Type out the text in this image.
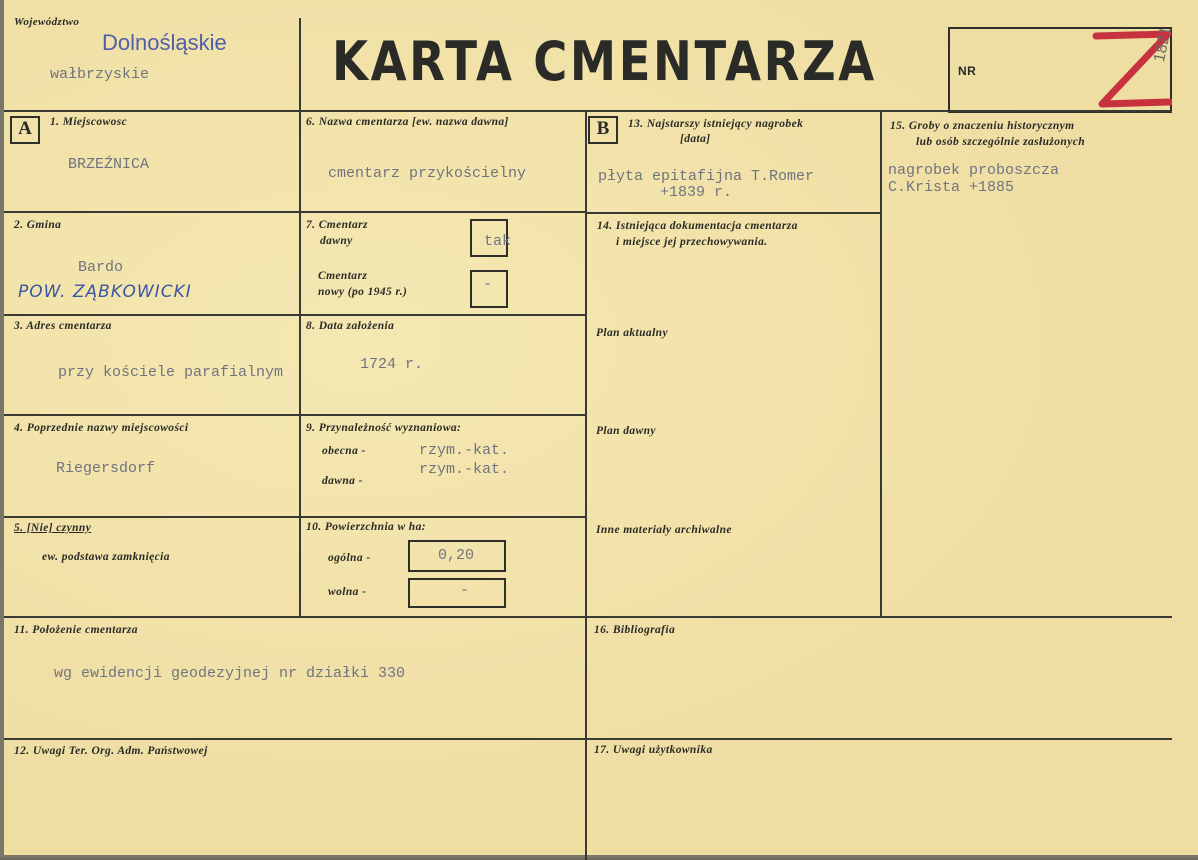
Województwo
Dolnośląskie
wałbrzyskie	KARTA CMENTARZA	NR
1821
A	B
1. Miejscowosc
BRZEŹNICA
2. Gmina
Bardo
POW. ZĄBKOWICKI
3. Adres cmentarza
przy kościele parafialnym
4. Poprzednie nazwy miejscowości
Riegersdorf
5. [Nie] czynny
ew. podstawa zamknięcia
6. Nazwa cmentarza [ew. nazwa dawna]
cmentarz przykościelny
7. Cmentarz
dawny	tak
Cmentarz
nowy (po 1945 r.)	-
8. Data założenia
1724 r.
9. Przynależność wyznaniowa:
obecna -	rzym.-kat.
dawna -
rzym.-kat.
10. Powierzchnia w ha:
ogólna -	0,20
wolna -	-
13. Najstarszy istniejący nagrobek
[data]
płyta epitafijna T.Romer
+1839 r.
14. Istniejąca dokumentacja cmentarza
i miejsce jej przechowywania.
Plan aktualny
Plan dawny
Inne materiały archiwalne
15. Groby o znaczeniu historycznym
lub osób szczególnie zasłużonych
nagrobek proboszcza
C.Krista +1885
11. Położenie cmentarza
wg ewidencji geodezyjnej nr działki 330
16. Bibliografia
12. Uwagi Ter. Org. Adm. Państwowej	17. Uwagi użytkownika
